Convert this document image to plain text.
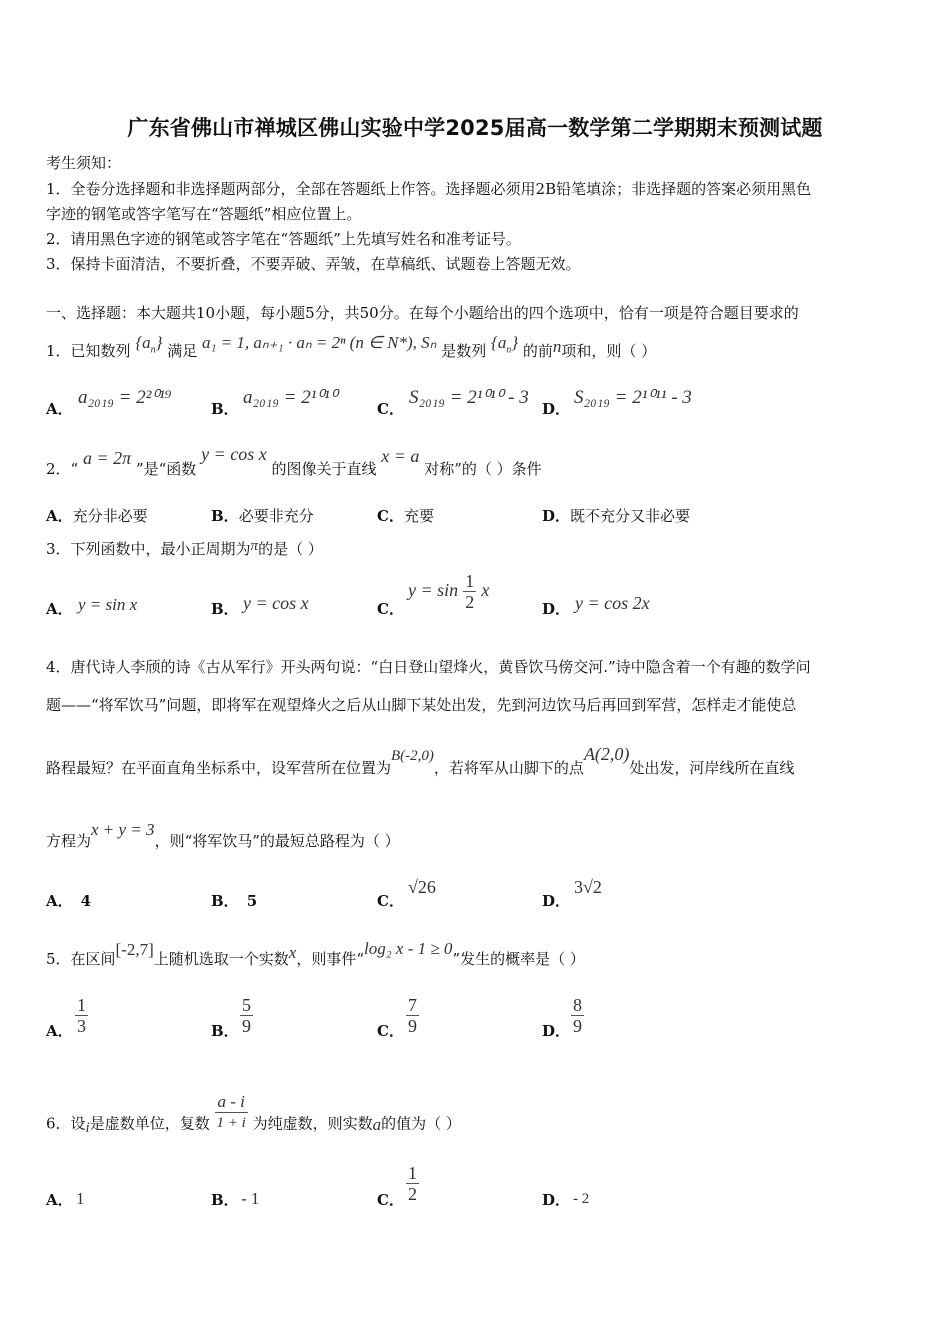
广东省佛山市禅城区佛山实验中学2025届高一数学第二学期期末预测试题
考生须知：
1．全卷分选择题和非选择题两部分，全部在答题纸上作答。选择题必须用2B铅笔填涂；非选择题的答案必须用黑色
字迹的钢笔或答字笔写在“答题纸”相应位置上。
2．请用黑色字迹的钢笔或答字笔在“答题纸”上先填写姓名和准考证号。
3．保持卡面清洁，不要折叠，不要弄破、弄皱，在草稿纸、试题卷上答题无效。
一、选择题：本大题共10小题，每小题5分，共50分。在每个小题给出的四个选项中，恰有一项是符合题目要求的
1．已知数列 $\{a_n\}$ 满足 a₁ = 1, aₙ₊₁ · aₙ = 2ⁿ (n ∈ N*), Sₙ 是数列 $\{a_n\}$ 的前n项和，则（ ）
A．
a₂₀₁₉ = 2²⁰¹⁹
B．
a₂₀₁₉ = 2¹⁰¹⁰
C．
S₂₀₁₉ = 2¹⁰¹⁰ - 3
D．
S₂₀₁₉ = 2¹⁰¹¹ - 3
2．“ a = 2π ”是“函数 y = cos x 的图像关于直线 x = a 对称”的（ ）条件
A．充分非必要	B．必要非充分	C．充要	D．既不充分又非必要
3．下列函数中，最小正周期为π的是（ ）
A． y = sin x	B． y = cos x	C．
$y = \sin \frac{1}{2}$ x
D． y = cos 2x
4．唐代诗人李颀的诗《古从军行》开头两句说：“白日登山望烽火，黄昏饮马傍交河.”诗中隐含着一个有趣的数学问
题——“将军饮马”问题，即将军在观望烽火之后从山脚下某处出发，先到河边饮马后再回到军营，怎样走才能使总
路程最短？在平面直角坐标系中，设军营所在位置为B(-2,0)，若将军从山脚下的点A(2,0)处出发，河岸线所在直线
方程为x + y = 3，则“将军饮马”的最短总路程为（ ）
A． 4	B． 5	C．
√26
D．
3√2
5．在区间[-2,7]上随机选取一个实数x，则事件“log₂ x - 1 ≥ 0”发生的概率是（ ）
A． $\frac{1}{3}$	B． $\frac{5}{9}$	C． $\frac{7}{9}$	D． $\frac{8}{9}$
6．设i是虚数单位，复数 $\frac{a - i}{1 + i}$ 为纯虚数，则实数a的值为（ ）
A． 1	B． - 1	C． $\frac{1}{2}$	D． - 2
